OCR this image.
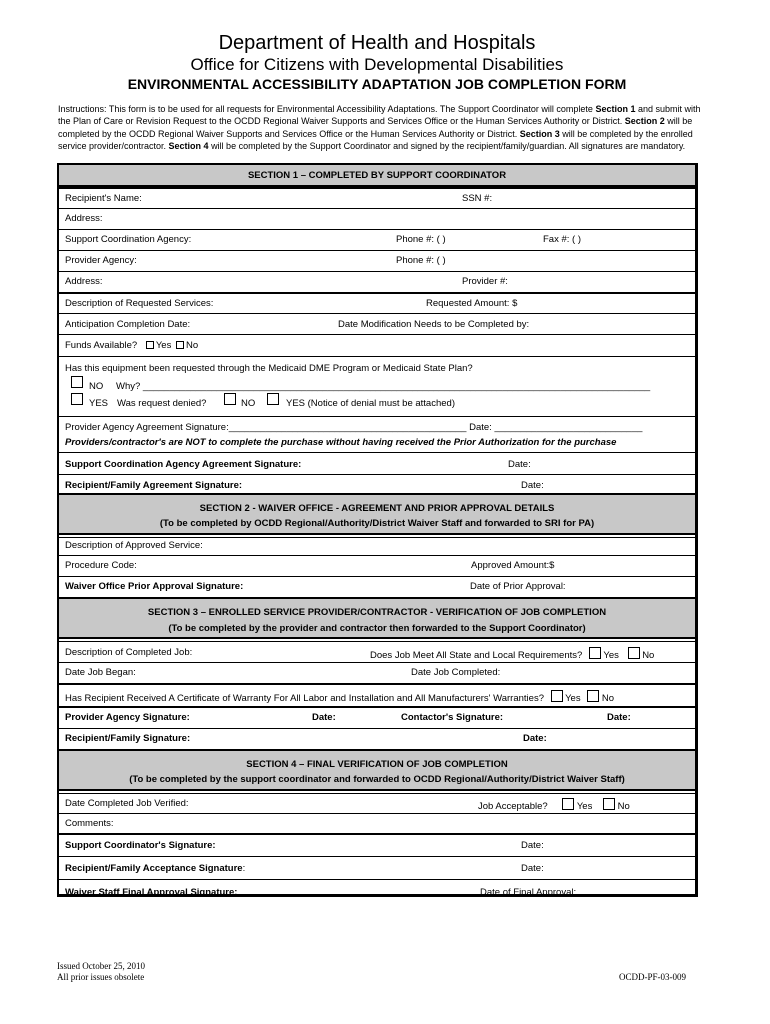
Department of Health and Hospitals
Office for Citizens with Developmental Disabilities
ENVIRONMENTAL ACCESSIBILITY ADAPTATION JOB COMPLETION FORM
Instructions: This form is to be used for all requests for Environmental Accessibility Adaptations. The Support Coordinator will complete Section 1 and submit with the Plan of Care or Revision Request to the OCDD Regional Waiver Supports and Services Office or the Human Services Authority or District. Section 2 will be completed by the OCDD Regional Waiver Supports and Services Office or the Human Services Authority or District. Section 3 will be completed by the enrolled service provider/contractor. Section 4 will be completed by the Support Coordinator and signed by the recipient/family/guardian. All signatures are mandatory.
SECTION 1 – COMPLETED BY SUPPORT COORDINATOR
Recipient's Name:	SSN #:
Address:
Support Coordination Agency:	Phone #: ( )	Fax #: ( )
Provider Agency:	Phone #: ( )
Address:	Provider #:
Description of Requested Services:	Requested Amount: $
Anticipation Completion Date:	Date Modification Needs to be Completed by:
Funds Available? Yes No
Has this equipment been requested through the Medicaid DME Program or Medicaid State Plan?
NO Why? ________________________________________________________________________________________________
YES Was request denied?	NO	YES (Notice of denial must be attached)
Provider Agency Agreement Signature:_____________________________________________ Date: ____________________________
Providers/contractor's are NOT to complete the purchase without having received the Prior Authorization for the purchase
Support Coordination Agency Agreement Signature:	Date:
Recipient/Family Agreement Signature:	Date:
SECTION 2 - WAIVER OFFICE - AGREEMENT AND PRIOR APPROVAL DETAILS
(To be completed by OCDD Regional/Authority/District Waiver Staff and forwarded to SRI for PA)
Description of Approved Service:
Procedure Code:	Approved Amount:$
Waiver Office Prior Approval Signature:	Date of Prior Approval:
SECTION 3 – ENROLLED SERVICE PROVIDER/CONTRACTOR - VERIFICATION OF JOB COMPLETION
(To be completed by the provider and contractor then forwarded to the Support Coordinator)
Description of Completed Job:	Does Job Meet All State and Local Requirements? Yes No
Date Job Began:	Date Job Completed:
Has Recipient Received A Certificate of Warranty For All Labor and Installation and All Manufacturers' Warranties? Yes No
Provider Agency Signature:	Date:	Contactor's Signature:	Date:
Recipient/Family Signature:	Date:
SECTION 4 – FINAL VERIFICATION OF JOB COMPLETION
(To be completed by the support coordinator and forwarded to OCDD Regional/Authority/District Waiver Staff)
Date Completed Job Verified:	Job Acceptable?	Yes	No
Comments:
Support Coordinator's Signature:	Date:
Recipient/Family Acceptance Signature:	Date:
Waiver Staff Final Approval Signature:	Date of Final Approval:
Issued October 25, 2010
All prior issues obsolete	OCDD-PF-03-009
